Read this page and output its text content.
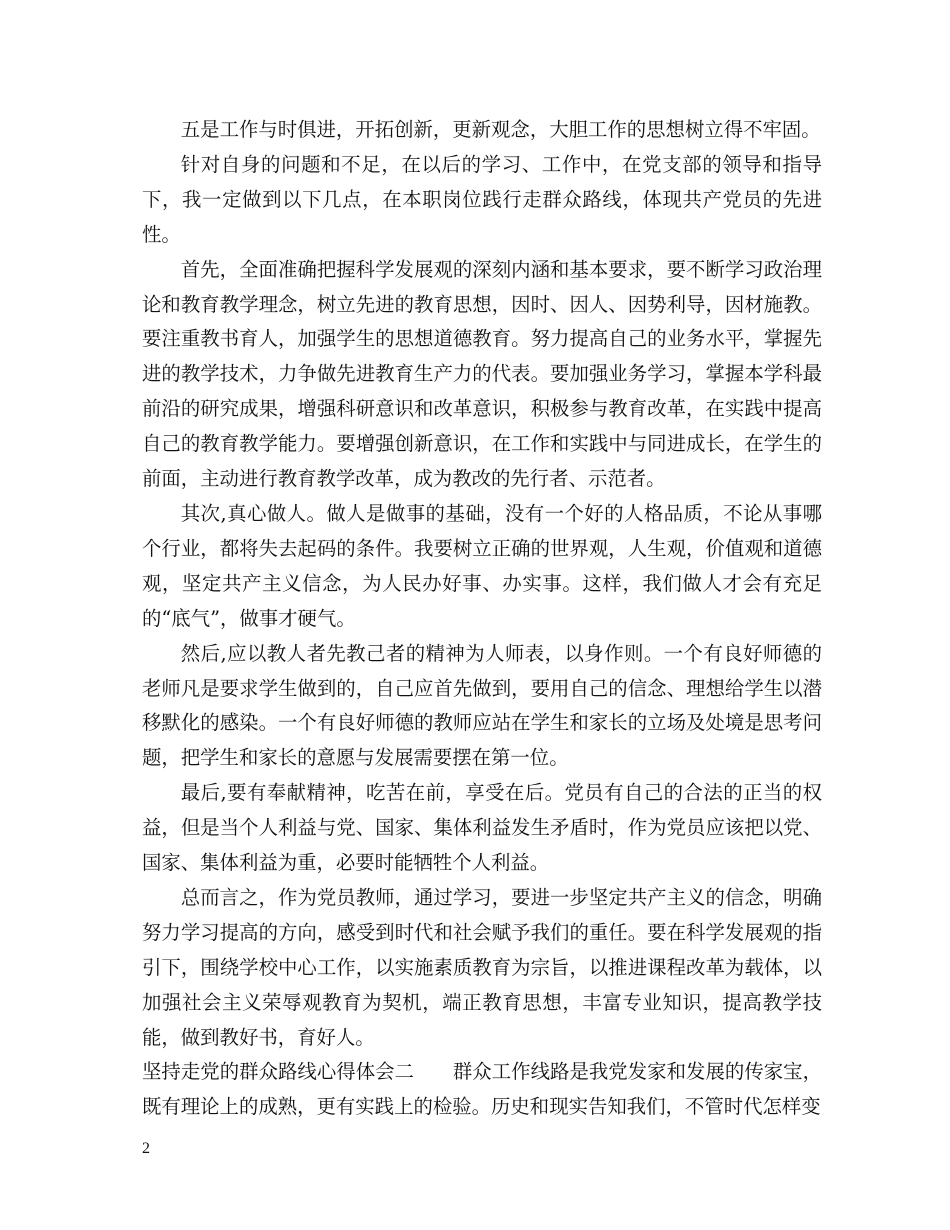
五是工作与时俱进，开拓创新，更新观念，大胆工作的思想树立得不牢固。

针对自身的问题和不足，在以后的学习、工作中，在党支部的领导和指导下，我一定做到以下几点，在本职岗位践行走群众路线，体现共产党员的先进性。

首先，全面准确把握科学发展观的深刻内涵和基本要求，要不断学习政治理论和教育教学理念，树立先进的教育思想，因时、因人、因势利导，因材施教。要注重教书育人，加强学生的思想道德教育。努力提高自己的业务水平，掌握先进的教学技术，力争做先进教育生产力的代表。要加强业务学习，掌握本学科最前沿的研究成果，增强科研意识和改革意识，积极参与教育改革，在实践中提高自己的教育教学能力。要增强创新意识，在工作和实践中与同进成长，在学生的前面，主动进行教育教学改革，成为教改的先行者、示范者。

其次,真心做人。做人是做事的基础，没有一个好的人格品质，不论从事哪个行业，都将失去起码的条件。我要树立正确的世界观，人生观，价值观和道德观，坚定共产主义信念，为人民办好事、办实事。这样，我们做人才会有充足的“底气”，做事才硬气。

然后,应以教人者先教己者的精神为人师表，以身作则。一个有良好师德的老师凡是要求学生做到的，自己应首先做到，要用自己的信念、理想给学生以潜移默化的感染。一个有良好师德的教师应站在学生和家长的立场及处境是思考问题，把学生和家长的意愿与发展需要摆在第一位。

最后,要有奉献精神，吃苦在前，享受在后。党员有自己的合法的正当的权益，但是当个人利益与党、国家、集体利益发生矛盾时，作为党员应该把以党、国家、集体利益为重，必要时能牺牲个人利益。

总而言之，作为党员教师，通过学习，要进一步坚定共产主义的信念，明确努力学习提高的方向，感受到时代和社会赋予我们的重任。要在科学发展观的指引下，围绕学校中心工作，以实施素质教育为宗旨，以推进课程改革为载体，以加强社会主义荣辱观教育为契机，端正教育思想，丰富专业知识，提高教学技能，做到教好书，育好人。

坚持走党的群众路线心得体会二　　群众工作线路是我党发家和发展的传家宝，既有理论上的成熟，更有实践上的检验。历史和现实告知我们，不管时代怎样变

2
